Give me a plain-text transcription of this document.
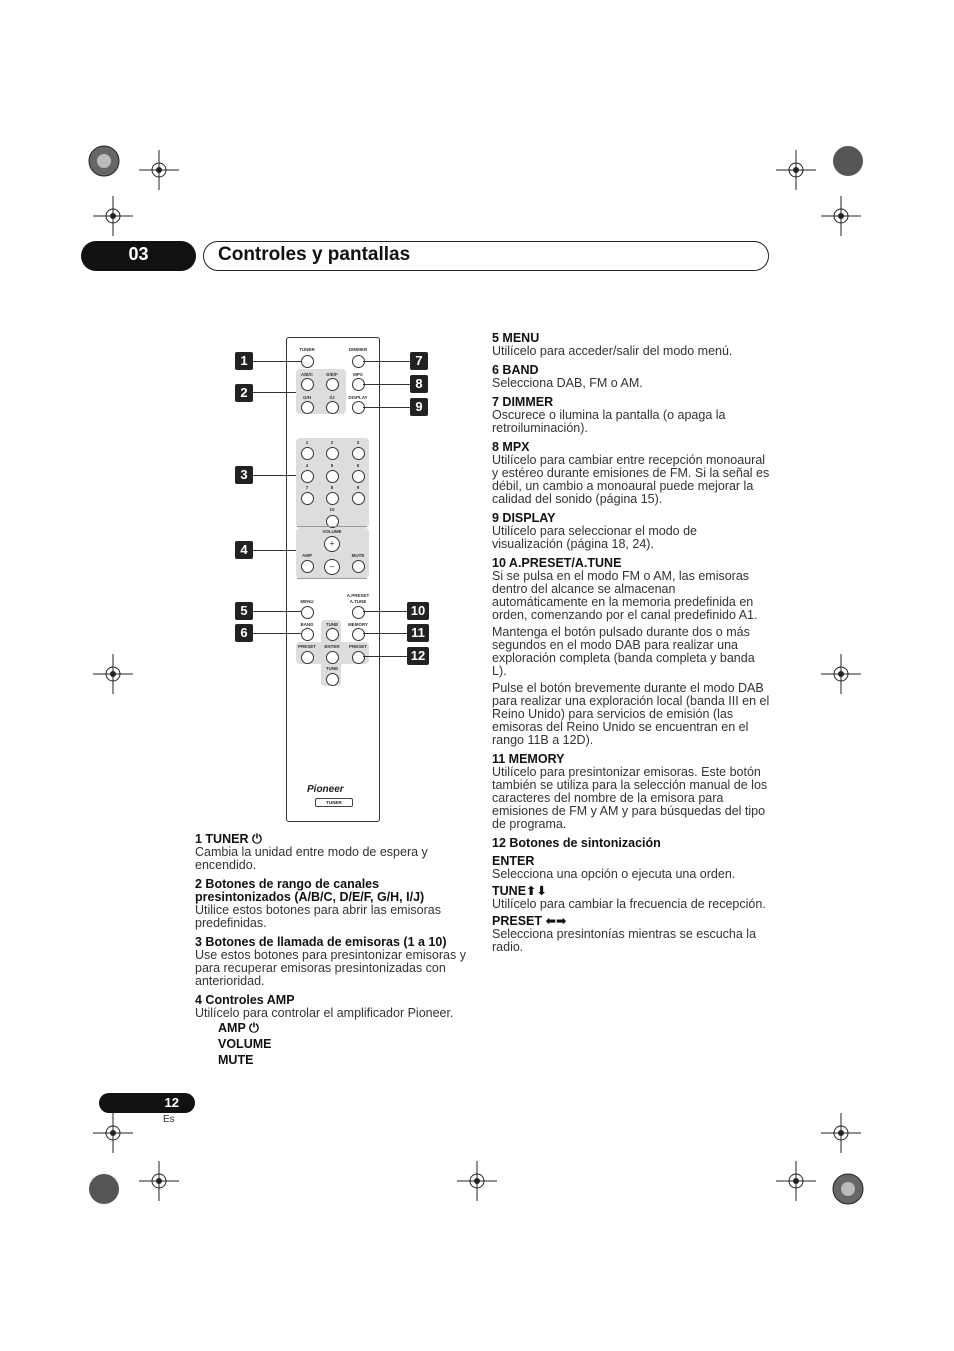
03	Controles y pantallas
TUNER	DIMMER
A/B/C	D/E/F
G/H	I/J
MPX
DISPLAY
1	2	3
4	5	6
7	8	9
10
VOLUME
+
–
AMP	MUTE
MENU
A.PRESET
A.TUNE
BAND	TUNE MEMORY
PRESET ENTER PRESET
TUNE
Pioneer
TUNER
1
2
3
4
5
6
7
8
9
10
11
12
1 TUNER ⏻
Cambia la unidad entre modo de espera y encendido.
2 Botones de rango de canales presintonizados (A/B/C, D/E/F, G/H, I/J)
Utilice estos botones para abrir las emisoras predefinidas.
3 Botones de llamada de emisoras (1 a 10)
Use estos botones para presintonizar emisoras y para recuperar emisoras presintonizadas con anterioridad.
4 Controles AMP
Utilícelo para controlar el amplificador Pioneer.
AMP ⏻
VOLUME
MUTE
5 MENU
Utilícelo para acceder/salir del modo menú.
6 BAND
Selecciona DAB, FM o AM.
7 DIMMER
Oscurece o ilumina la pantalla (o apaga la retroiluminación).
8 MPX
Utilícelo para cambiar entre recepción monoaural y estéreo durante emisiones de FM. Si la señal es débil, un cambio a monoaural puede mejorar la calidad del sonido (página 15).
9 DISPLAY
Utilícelo para seleccionar el modo de visualización (página 18, 24).
10 A.PRESET/A.TUNE
Si se pulsa en el modo FM o AM, las emisoras dentro del alcance se almacenan automáticamente en la memoria predefinida en orden, comenzando por el canal predefinido A1.
Mantenga el botón pulsado durante dos o más segundos en el modo DAB para realizar una exploración completa (banda completa y banda L).
Pulse el botón brevemente durante el modo DAB para realizar una exploración local (banda III en el Reino Unido) para servicios de emisión (las emisoras del Reino Unido se encuentran en el rango 11B a 12D).
11 MEMORY
Utilícelo para presintonizar emisoras. Este botón también se utiliza para la selección manual de los caracteres del nombre de la emisora para emisiones de FM y AM y para búsquedas del tipo de programa.
12 Botones de sintonización
ENTER
Selecciona una opción o ejecuta una orden.
TUNE⬆⬇
Utilícelo para cambiar la frecuencia de recepción.
PRESET ⬅➡
Selecciona presintonías mientras se escucha la radio.
12
Es
